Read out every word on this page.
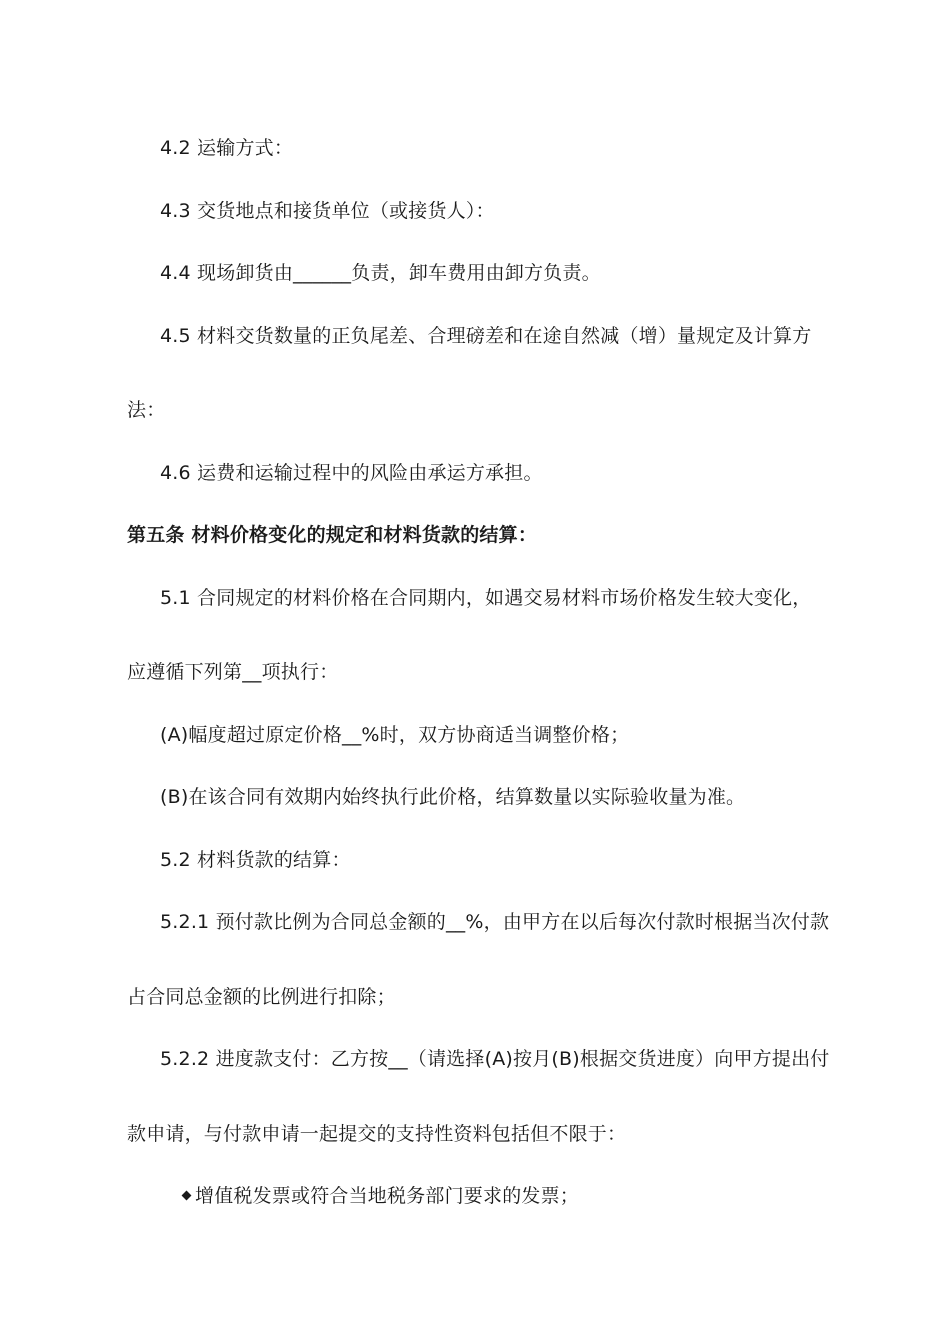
4.2 运输方式：
4.3 交货地点和接货单位（或接货人）：
4.4 现场卸货由______负责，卸车费用由卸方负责。
4.5 材料交货数量的正负尾差、合理磅差和在途自然减（增）量规定及计算方
法：
4.6 运费和运输过程中的风险由承运方承担。
第五条 材料价格变化的规定和材料货款的结算：
5.1 合同规定的材料价格在合同期内，如遇交易材料市场价格发生较大变化，
应遵循下列第__项执行：
(A)幅度超过原定价格__%时，双方协商适当调整价格；
(B)在该合同有效期内始终执行此价格，结算数量以实际验收量为准。
5.2 材料货款的结算：
5.2.1 预付款比例为合同总金额的__%，由甲方在以后每次付款时根据当次付款
占合同总金额的比例进行扣除；
5.2.2 进度款支付：乙方按__（请选择(A)按月(B)根据交货进度）向甲方提出付
款申请，与付款申请一起提交的支持性资料包括但不限于：
增值税发票或符合当地税务部门要求的发票；
